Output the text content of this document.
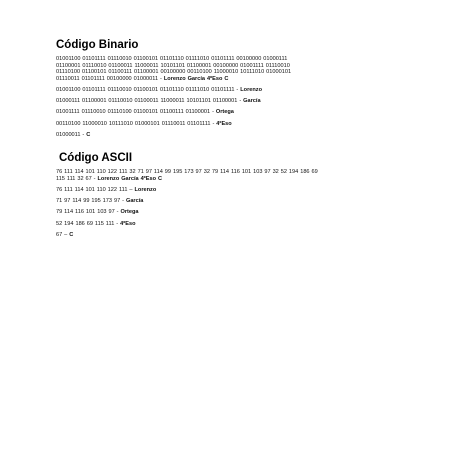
Código Binario

01001100 01101111 01110010 01100101 01101110 01111010 01101111 00100000 01000111

01100001 01110010 01100011 11000011 10101101 01100001 00100000 01001111 01110010

01110100 01100101 01100111 01100001 00100000 00110100 11000010 10111010 01000101

01110011 01101111 00100000 01000011 - Lorenzo García 4ºEso C

01001100 01101111 01110010 01100101 01101110 01111010 01101111 - Lorenzo

01000111 01100001 01110010 01100011 11000011 10101101 01100001 - García

01001111 01110010 01110100 01100101 01100111 01100001 - Ortega

00110100 11000010 10111010 01000101 01110011 01101111 - 4ºEso

01000011 - C

Código ASCII

76 111 114 101 110 122 111 32 71 97 114 99 195 173 97 32 79 114 116 101 103 97 32 52 194 186 69

115 111 32 67 - Lorenzo García 4ºEso C

76 111 114 101 110 122 111 – Lorenzo

71 97 114 99 195 173 97 - García

79 114 116 101 103 97 - Ortega

52 194 186 69 115 111 - 4ºEso

67 – C
